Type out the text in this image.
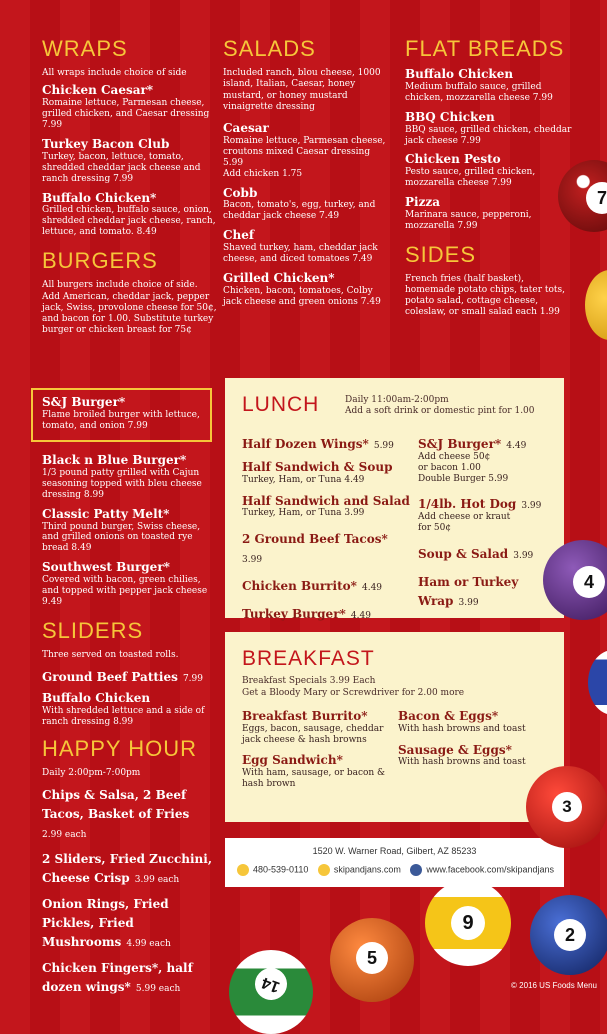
WRAPS
All wraps include choice of side
Chicken Caesar*
Romaine lettuce, Parmesan cheese, grilled chicken, and Caesar dressing 7.99
Turkey Bacon Club
Turkey, bacon, lettuce, tomato, shredded cheddar jack cheese and ranch dressing 7.99
Buffalo Chicken*
Grilled chicken, buffalo sauce, onion, shredded cheddar jack cheese, ranch, lettuce, and tomato. 8.49
BURGERS
All burgers include choice of side. Add American, cheddar jack, pepper jack, Swiss, provolone cheese for 50¢, and bacon for 1.00. Substitute turkey burger or chicken breast for 75¢
S&J Burger*
Flame broiled burger with lettuce, tomato, and onion 7.99
Black n Blue Burger*
1/3 pound patty grilled with Cajun seasoning topped with bleu cheese dressing 8.99
Classic Patty Melt*
Third pound burger, Swiss cheese, and grilled onions on toasted rye bread 8.49
Southwest Burger*
Covered with bacon, green chilies, and topped with pepper jack cheese 9.49
SLIDERS
Three served on toasted rolls.
Ground Beef Patties 7.99
Buffalo Chicken
With shredded lettuce and a side of ranch dressing 8.99
HAPPY HOUR
Daily 2:00pm-7:00pm
Chips & Salsa, 2 Beef Tacos, Basket of Fries 2.99 each
2 Sliders, Fried Zucchini, Cheese Crisp 3.99 each
Onion Rings, Fried Pickles, Fried Mushrooms 4.99 each
Chicken Fingers*, half dozen wings* 5.99 each
SALADS
Included ranch, blou cheese, 1000 island, Italian, Caesar, honey mustard, or honey mustard vinaigrette dressing
Caesar
Romaine lettuce, Parmesan cheese, croutons mixed Caesar dressing 5.99
Add chicken 1.75
Cobb
Bacon, tomato's, egg, turkey, and cheddar jack cheese 7.49
Chef
Shaved turkey, ham, cheddar jack cheese, and diced tomatoes 7.49
Grilled Chicken*
Chicken, bacon, tomatoes, Colby jack cheese and green onions 7.49
FLAT BREADS
Buffalo Chicken
Medium buffalo sauce, grilled chicken, mozzarella cheese 7.99
BBQ Chicken
BBQ sauce, grilled chicken, cheddar jack cheese 7.99
Chicken Pesto
Pesto sauce, grilled chicken, mozzarella cheese 7.99
Pizza
Marinara sauce, pepperoni, mozzarella 7.99
SIDES
French fries (half basket), homemade potato chips, tater tots, potato salad, cottage cheese, coleslaw, or small salad each 1.99
LUNCH	Daily 11:00am-2:00pm
Add a soft drink or domestic pint for 1.00
Half Dozen Wings* 5.99
Half Sandwich & Soup
Turkey, Ham, or Tuna 4.49
Half Sandwich and Salad
Turkey, Ham, or Tuna 3.99
2 Ground Beef Tacos* 3.99
Chicken Burrito* 4.49
Turkey Burger* 4.49
S&J Burger* 4.49
Add cheese 50¢
or bacon 1.00
Double Burger 5.99
1/4lb. Hot Dog 3.99
Add cheese or kraut
for 50¢
Soup & Salad 3.99
Ham or Turkey Wrap 3.99
BREAKFAST
Breakfast Specials 3.99 Each
Get a Bloody Mary or Screwdriver for 2.00 more
Breakfast Burrito*
Eggs, bacon, sausage, cheddar jack cheese & hash browns
Egg Sandwich*
With ham, sausage, or bacon & hash brown
Bacon & Eggs*
With hash browns and toast
Sausage & Eggs*
With hash browns and toast
1520 W. Warner Road, Gilbert, AZ 85233
480-539-0110	skipandjans.com	www.facebook.com/skipandjans
7
4
3
9
2
5
14	© 2016 US Foods Menu
